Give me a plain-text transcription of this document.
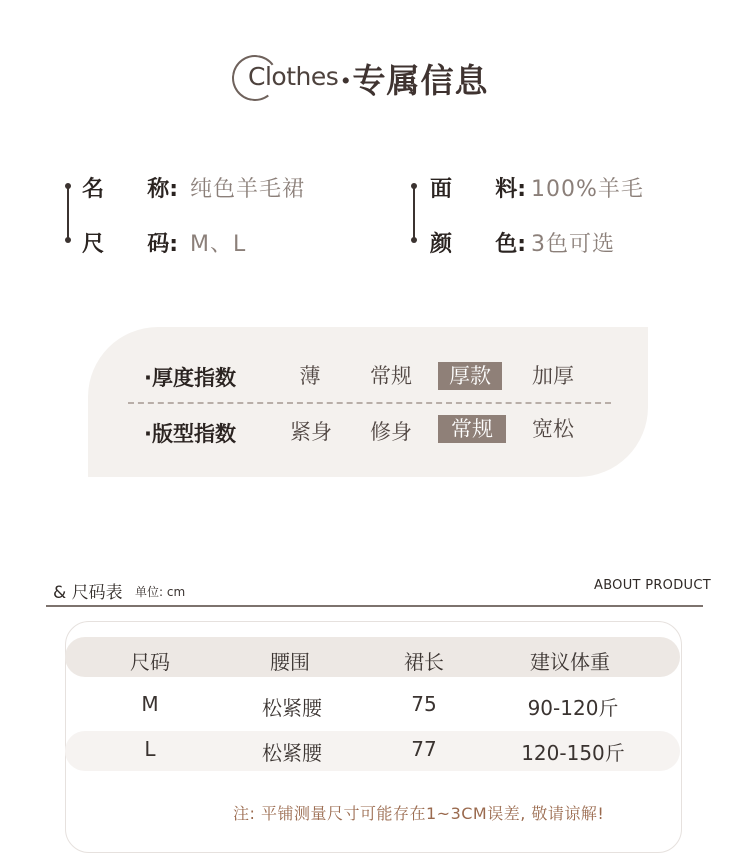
Clothes ·专属信息
名 称: 纯色羊毛裙
尺 码: M、L
面 料: 100%羊毛
颜 色: 3色可选
·厚度指数	薄	常规	厚款	加厚
·版型指数	紧身	修身	常规	宽松
& 尺码表 单位: cm	ABOUT PRODUCT
尺码	腰围	裙长	建议体重
M	松紧腰	75	90-120斤
L	松紧腰	77	120-150斤
注: 平铺测量尺寸可能存在1~3CM误差, 敬请谅解!
